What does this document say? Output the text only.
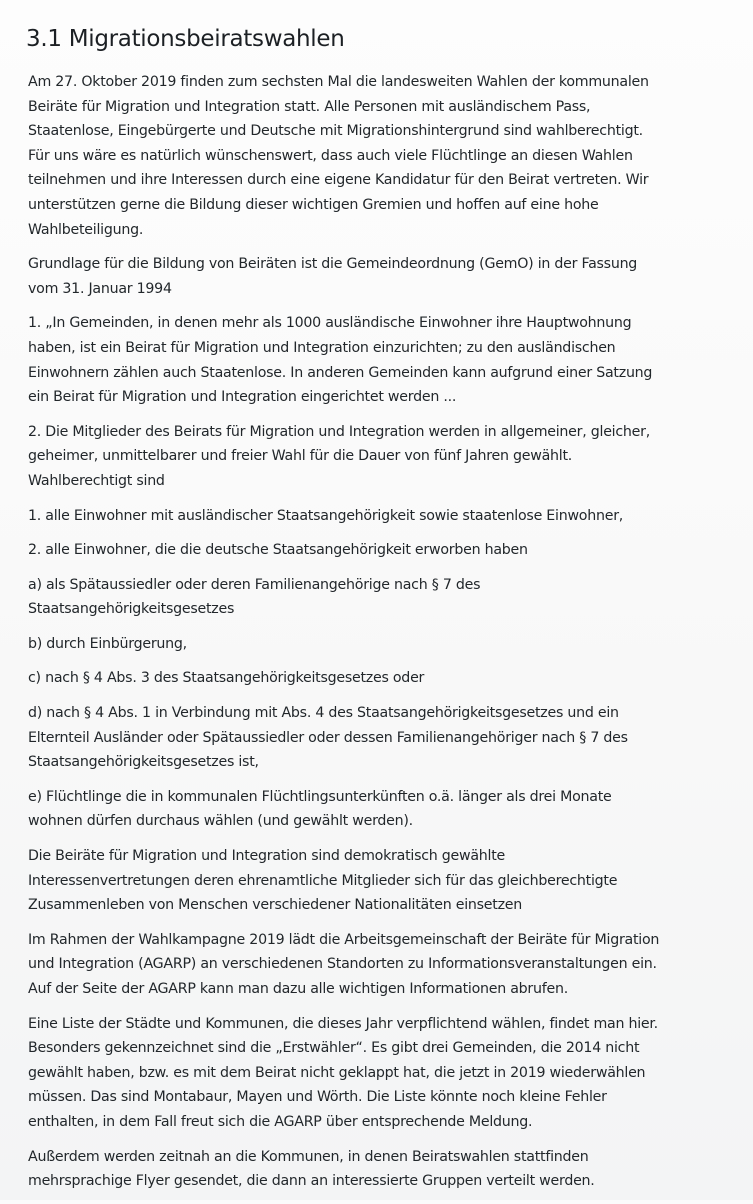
3.1 Migrationsbeiratswahlen

Am 27. Oktober 2019 finden zum sechsten Mal die landesweiten Wahlen der kommunalen
Beiräte für Migration und Integration statt. Alle Personen mit ausländischem Pass,
Staatenlose, Eingebürgerte und Deutsche mit Migrationshintergrund sind wahlberechtigt.
Für uns wäre es natürlich wünschenswert, dass auch viele Flüchtlinge an diesen Wahlen
teilnehmen und ihre Interessen durch eine eigene Kandidatur für den Beirat vertreten. Wir
unterstützen gerne die Bildung dieser wichtigen Gremien und hoffen auf eine hohe
Wahlbeteiligung.

Grundlage für die Bildung von Beiräten ist die Gemeindeordnung (GemO) in der Fassung
vom 31. Januar 1994

1. „In Gemeinden, in denen mehr als 1000 ausländische Einwohner ihre Hauptwohnung
haben, ist ein Beirat für Migration und Integration einzurichten; zu den ausländischen
Einwohnern zählen auch Staatenlose. In anderen Gemeinden kann aufgrund einer Satzung
ein Beirat für Migration und Integration eingerichtet werden ...

2. Die Mitglieder des Beirats für Migration und Integration werden in allgemeiner, gleicher,
geheimer, unmittelbarer und freier Wahl für die Dauer von fünf Jahren gewählt.
Wahlberechtigt sind

1. alle Einwohner mit ausländischer Staatsangehörigkeit sowie staatenlose Einwohner,

2. alle Einwohner, die die deutsche Staatsangehörigkeit erworben haben

a) als Spätaussiedler oder deren Familienangehörige nach § 7 des
Staatsangehörigkeitsgesetzes

b) durch Einbürgerung,

c) nach § 4 Abs. 3 des Staatsangehörigkeitsgesetzes oder

d) nach § 4 Abs. 1 in Verbindung mit Abs. 4 des Staatsangehörigkeitsgesetzes und ein
Elternteil Ausländer oder Spätaussiedler oder dessen Familienangehöriger nach § 7 des
Staatsangehörigkeitsgesetzes ist,

e) Flüchtlinge die in kommunalen Flüchtlingsunterkünften o.ä. länger als drei Monate
wohnen dürfen durchaus wählen (und gewählt werden).

Die Beiräte für Migration und Integration sind demokratisch gewählte
Interessenvertretungen deren ehrenamtliche Mitglieder sich für das gleichberechtigte
Zusammenleben von Menschen verschiedener Nationalitäten einsetzen

Im Rahmen der Wahlkampagne 2019 lädt die Arbeitsgemeinschaft der Beiräte für Migration
und Integration (AGARP) an verschiedenen Standorten zu Informationsveranstaltungen ein.
Auf der Seite der AGARP kann man dazu alle wichtigen Informationen abrufen.

Eine Liste der Städte und Kommunen, die dieses Jahr verpflichtend wählen, findet man hier.
Besonders gekennzeichnet sind die „Erstwähler“. Es gibt drei Gemeinden, die 2014 nicht
gewählt haben, bzw. es mit dem Beirat nicht geklappt hat, die jetzt in 2019 wiederwählen
müssen. Das sind Montabaur, Mayen und Wörth. Die Liste könnte noch kleine Fehler
enthalten, in dem Fall freut sich die AGARP über entsprechende Meldung.

Außerdem werden zeitnah an die Kommunen, in denen Beiratswahlen stattfinden
mehrsprachige Flyer gesendet, die dann an interessierte Gruppen verteilt werden.
